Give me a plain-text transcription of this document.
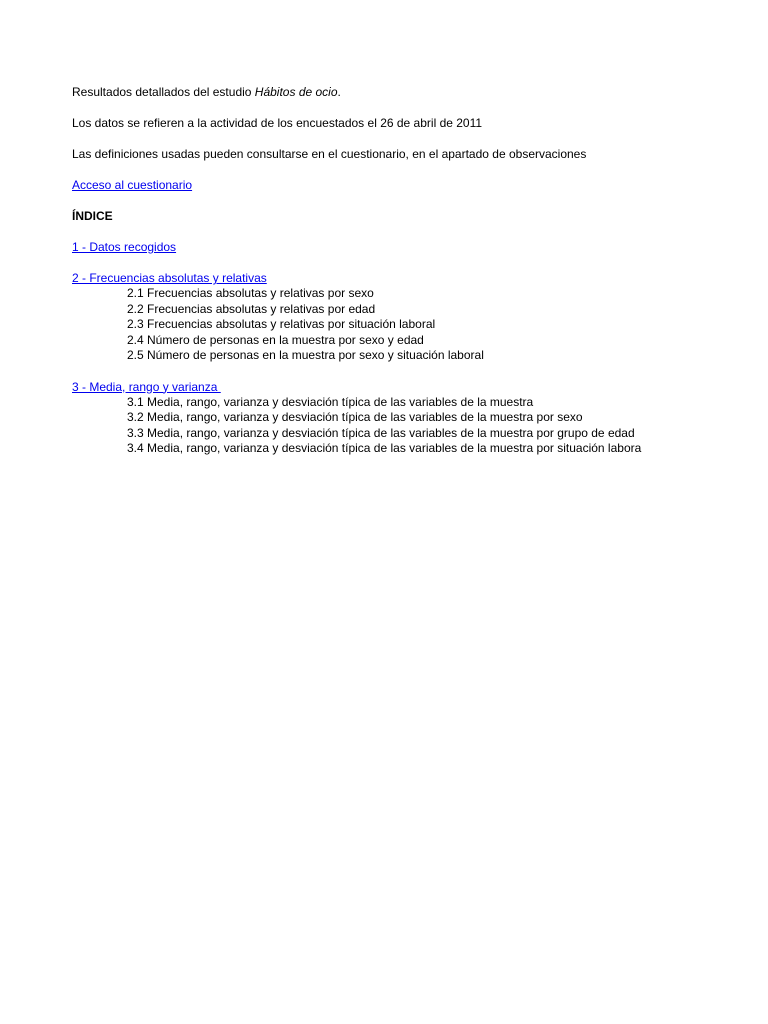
Resultados detallados del estudio Hábitos de ocio.
Los datos se refieren a la actividad de los encuestados el 26 de abril de 2011
Las definiciones usadas pueden consultarse en el cuestionario, en el apartado de observaciones
Acceso al cuestionario
ÍNDICE
1 - Datos recogidos
2 - Frecuencias absolutas y relativas
2.1 Frecuencias absolutas y relativas por sexo
2.2 Frecuencias absolutas y relativas por edad
2.3 Frecuencias absolutas y relativas por situación laboral
2.4 Número de personas en la muestra por sexo y edad
2.5 Número de personas en la muestra por sexo y situación laboral
3 - Media, rango y varianza
3.1 Media, rango, varianza y desviación típica de las variables de la muestra
3.2 Media, rango, varianza y desviación típica de las variables de la muestra por sexo
3.3 Media, rango, varianza y desviación típica de las variables de la muestra por grupo de edad
3.4 Media, rango, varianza y desviación típica de las variables de la muestra por situación labora
